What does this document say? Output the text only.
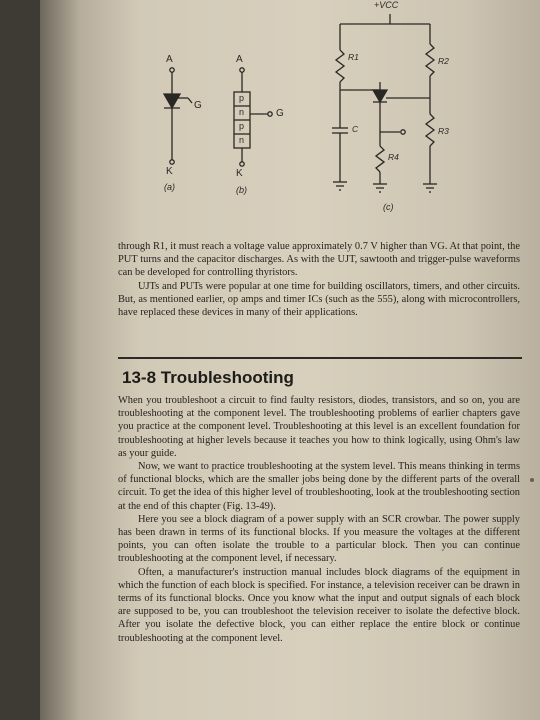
+VCC
A
G
K
A
G
K
p
n
p
n
R1	R2
R3
R4
C
(a)	(b)
(c)

through R1, it must reach a voltage value approximately 0.7 V higher than VG. At that point, the PUT turns and the capacitor discharges. As with the UJT, sawtooth and trigger-pulse waveforms can be developed for controlling thyristors.

UJTs and PUTs were popular at one time for building oscillators, timers, and other circuits. But, as mentioned earlier, op amps and timer ICs (such as the 555), along with microcontrollers, have replaced these devices in many of their applications.

13-8 Troubleshooting

When you troubleshoot a circuit to find faulty resistors, diodes, transistors, and so on, you are troubleshooting at the component level. The troubleshooting problems of earlier chapters gave you practice at the component level. Troubleshooting at this level is an excellent foundation for troubleshooting at higher levels because it teaches you how to think logically, using Ohm's law as your guide.

Now, we want to practice troubleshooting at the system level. This means thinking in terms of functional blocks, which are the smaller jobs being done by the different parts of the overall circuit. To get the idea of this higher level of troubleshooting, look at the troubleshooting section at the end of this chapter (Fig. 13-49).

Here you see a block diagram of a power supply with an SCR crowbar. The power supply has been drawn in terms of its functional blocks. If you measure the voltages at the different points, you can often isolate the trouble to a particular block. Then you can continue troubleshooting at the component level, if necessary.

Often, a manufacturer's instruction manual includes block diagrams of the equipment in which the function of each block is specified. For instance, a television receiver can be drawn in terms of its functional blocks. Once you know what the input and output signals of each block are supposed to be, you can troubleshoot the television receiver to isolate the defective block. After you isolate the defective block, you can either replace the entire block or continue troubleshooting at the component level.
